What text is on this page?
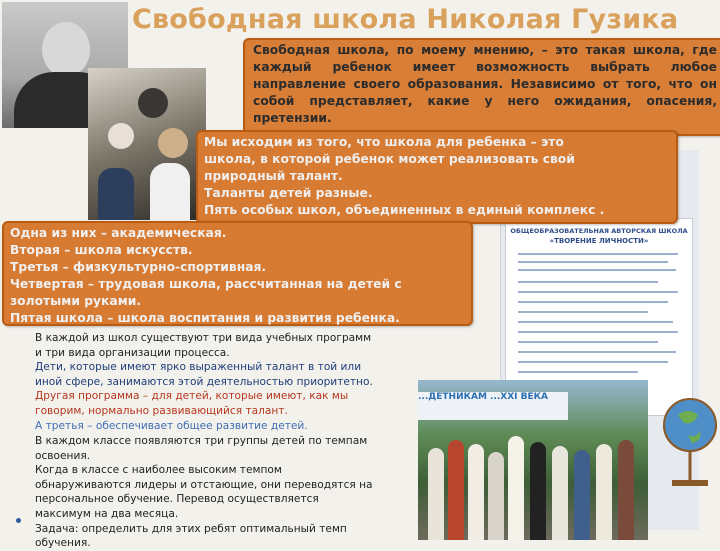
Свободная школа Николая Гузика
ОБЩЕОБРАЗОВАТЕЛЬНАЯ АВТОРСКАЯ ШКОЛА
«ТВОРЕНИЕ ЛИЧНОСТИ»
...ДЕТНИКАМ ...XXI ВЕКА

Свободная школа, по моему мнению, – это такая школа, где каждый ребенок имеет возможность выбрать любое направление своего образования. Независимо от того, что он собой представляет, какие у него ожидания, опасения, претензии.

Мы исходим из того, что школа для ребенка – это

школа, в которой ребенок может реализовать свой

природный талант.

Таланты детей разные.

Пять особых школ, объединенных в единый комплекс .

Одна из них – академическая.

Вторая – школа искусств.

Третья – физкультурно-спортивная.

Четвертая – трудовая школа, рассчитанная на детей с

золотыми руками.

Пятая школа – школа воспитания и развития ребенка.

В каждой из школ существуют три вида учебных программ
и три вида организации процесса.
Дети, которые имеют ярко выраженный талант в той или
иной сфере, занимаются этой деятельностью приоритетно.
Другая программа – для детей, которые имеют, как мы
говорим, нормально развивающийся талант.
А третья – обеспечивает общее развитие детей.
В каждом классе появляются три группы детей по темпам
освоения.
Когда в классе с наиболее высоким темпом
обнаруживаются лидеры и отстающие, они переводятся на
персональное обучение. Перевод осуществляется
максимум на два месяца.
Задача: определить для этих ребят оптимальный темп
обучения.
